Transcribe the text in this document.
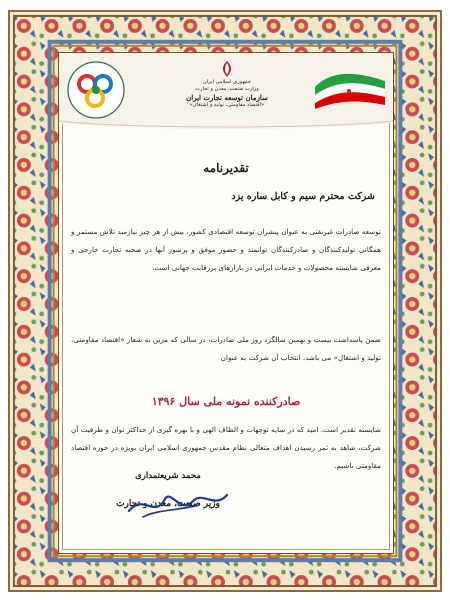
جمهوری اسلامی ایران
وزارت صنعت، معدن و تجارت
سازمان توسعه تجارت ایران
«اقتصاد مقاومتی، تولید و اشتغال»
تقدیرنامه
شرکت محترم سیم و کابل ساره یزد
توسعه صادرات غیرنفتی به عنوان پیشران توسعه اقتصادی کشور، بیش از هر چیز نیازمند تلاش مستمر و همگانی تولیدکنندگان و صادرکنندگان توانمند و حضور موفق و پرشور آنها در صحنه تجارت خارجی و معرفی شایسته محصولات و خدمات ایرانی در بازارهای پررقابت جهانی است.
ضمن پاسداشت بیست و نهمین سالگرد روز ملی صادرات، در سالی که مزین به شعار «اقتصاد مقاومتی، تولید و اشتغال» می باشد، انتخاب آن شرکت به عنوان
صادرکننده نمونه ملی سال ۱۳۹۶
شایسته تقدیر است. امید که در سایه توجهات و الطاف الهی و با بهره گیری از حداکثر توان و ظرفیت آن شرکت، شاهد به ثمر رسیدن اهداف متعالی نظام مقدس جمهوری اسلامی ایران بویژه در حوزه اقتصاد مقاومتی باشیم.
محمد شریعتمداری
وزیر صنعت، معدن و تجارت
